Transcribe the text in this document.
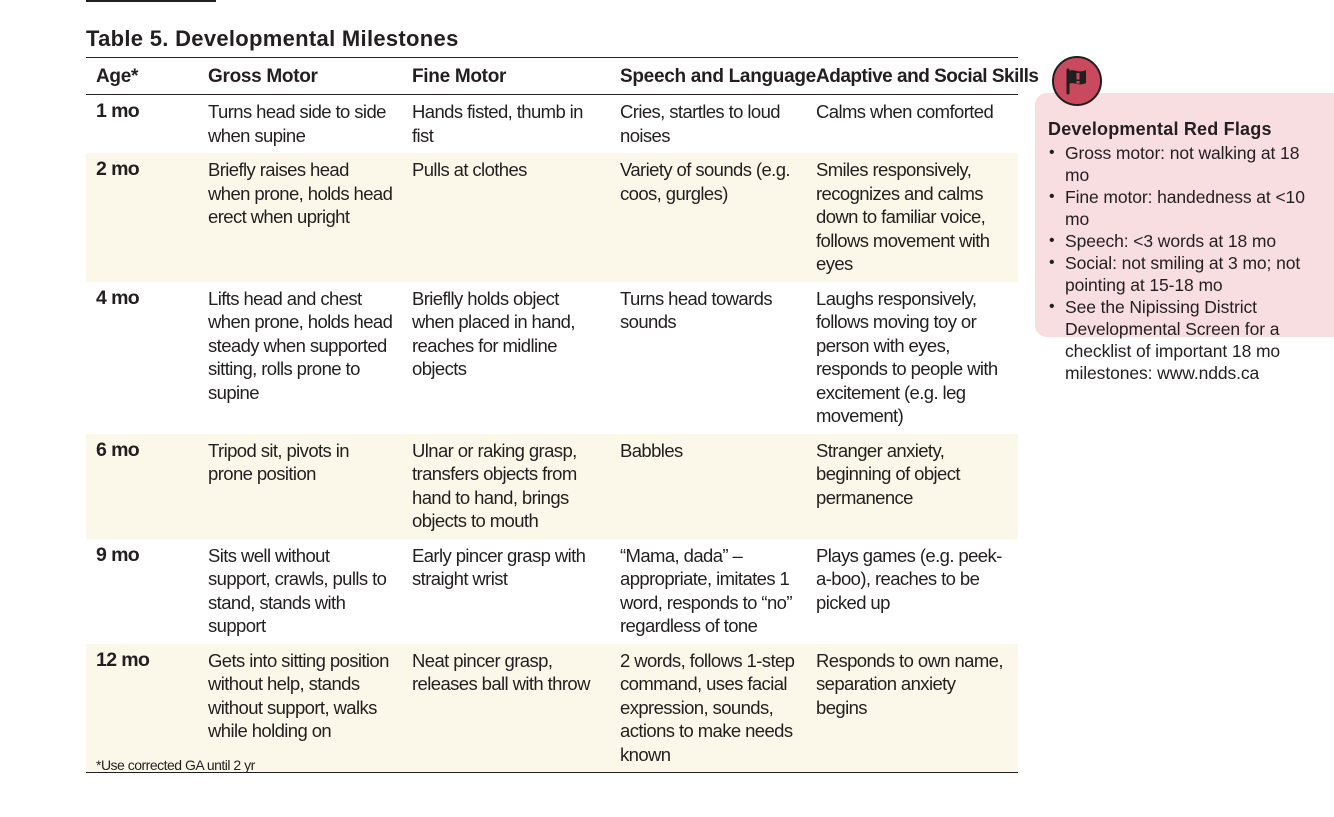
Table 5. Developmental Milestones
Age*	Gross Motor	Fine Motor	Speech and Language	Adaptive and Social Skills
1 mo	Turns head side to side when supine	Hands fisted, thumb in fist	Cries, startles to loud noises	Calms when comforted
2 mo	Briefly raises head when prone, holds head erect when upright	Pulls at clothes	Variety of sounds (e.g. coos, gurgles)	Smiles responsively, recognizes and calms down to familiar voice, follows movement with eyes
4 mo	Lifts head and chest when prone, holds head steady when supported sitting, rolls prone to supine	Brieflly holds object when placed in hand, reaches for midline objects	Turns head towards sounds	Laughs responsively, follows moving toy or person with eyes, responds to people with excitement (e.g. leg movement)
6 mo	Tripod sit, pivots in prone position	Ulnar or raking grasp, transfers objects from hand to hand, brings objects to mouth	Babbles	Stranger anxiety, beginning of object permanence
9 mo	Sits well without support, crawls, pulls to stand, stands with support	Early pincer grasp with straight wrist	“Mama, dada” – appropriate, imitates 1 word, responds to “no” regardless of tone	Plays games (e.g. peek-a-boo), reaches to be picked up
12 mo	Gets into sitting position without help, stands without support, walks while holding on	Neat pincer grasp, releases ball with throw	2 words, follows 1-step command, uses facial expression, sounds, actions to make needs known	Responds to own name, separation anxiety begins
*Use corrected GA until 2 yr
Developmental Red Flags
• Gross motor: not walking at 18 mo
• Fine motor: handedness at <10 mo
• Speech: <3 words at 18 mo
• Social: not smiling at 3 mo; not pointing at 15-18 mo
• See the Nipissing District Developmental Screen for a checklist of important 18 mo milestones: www.ndds.ca
